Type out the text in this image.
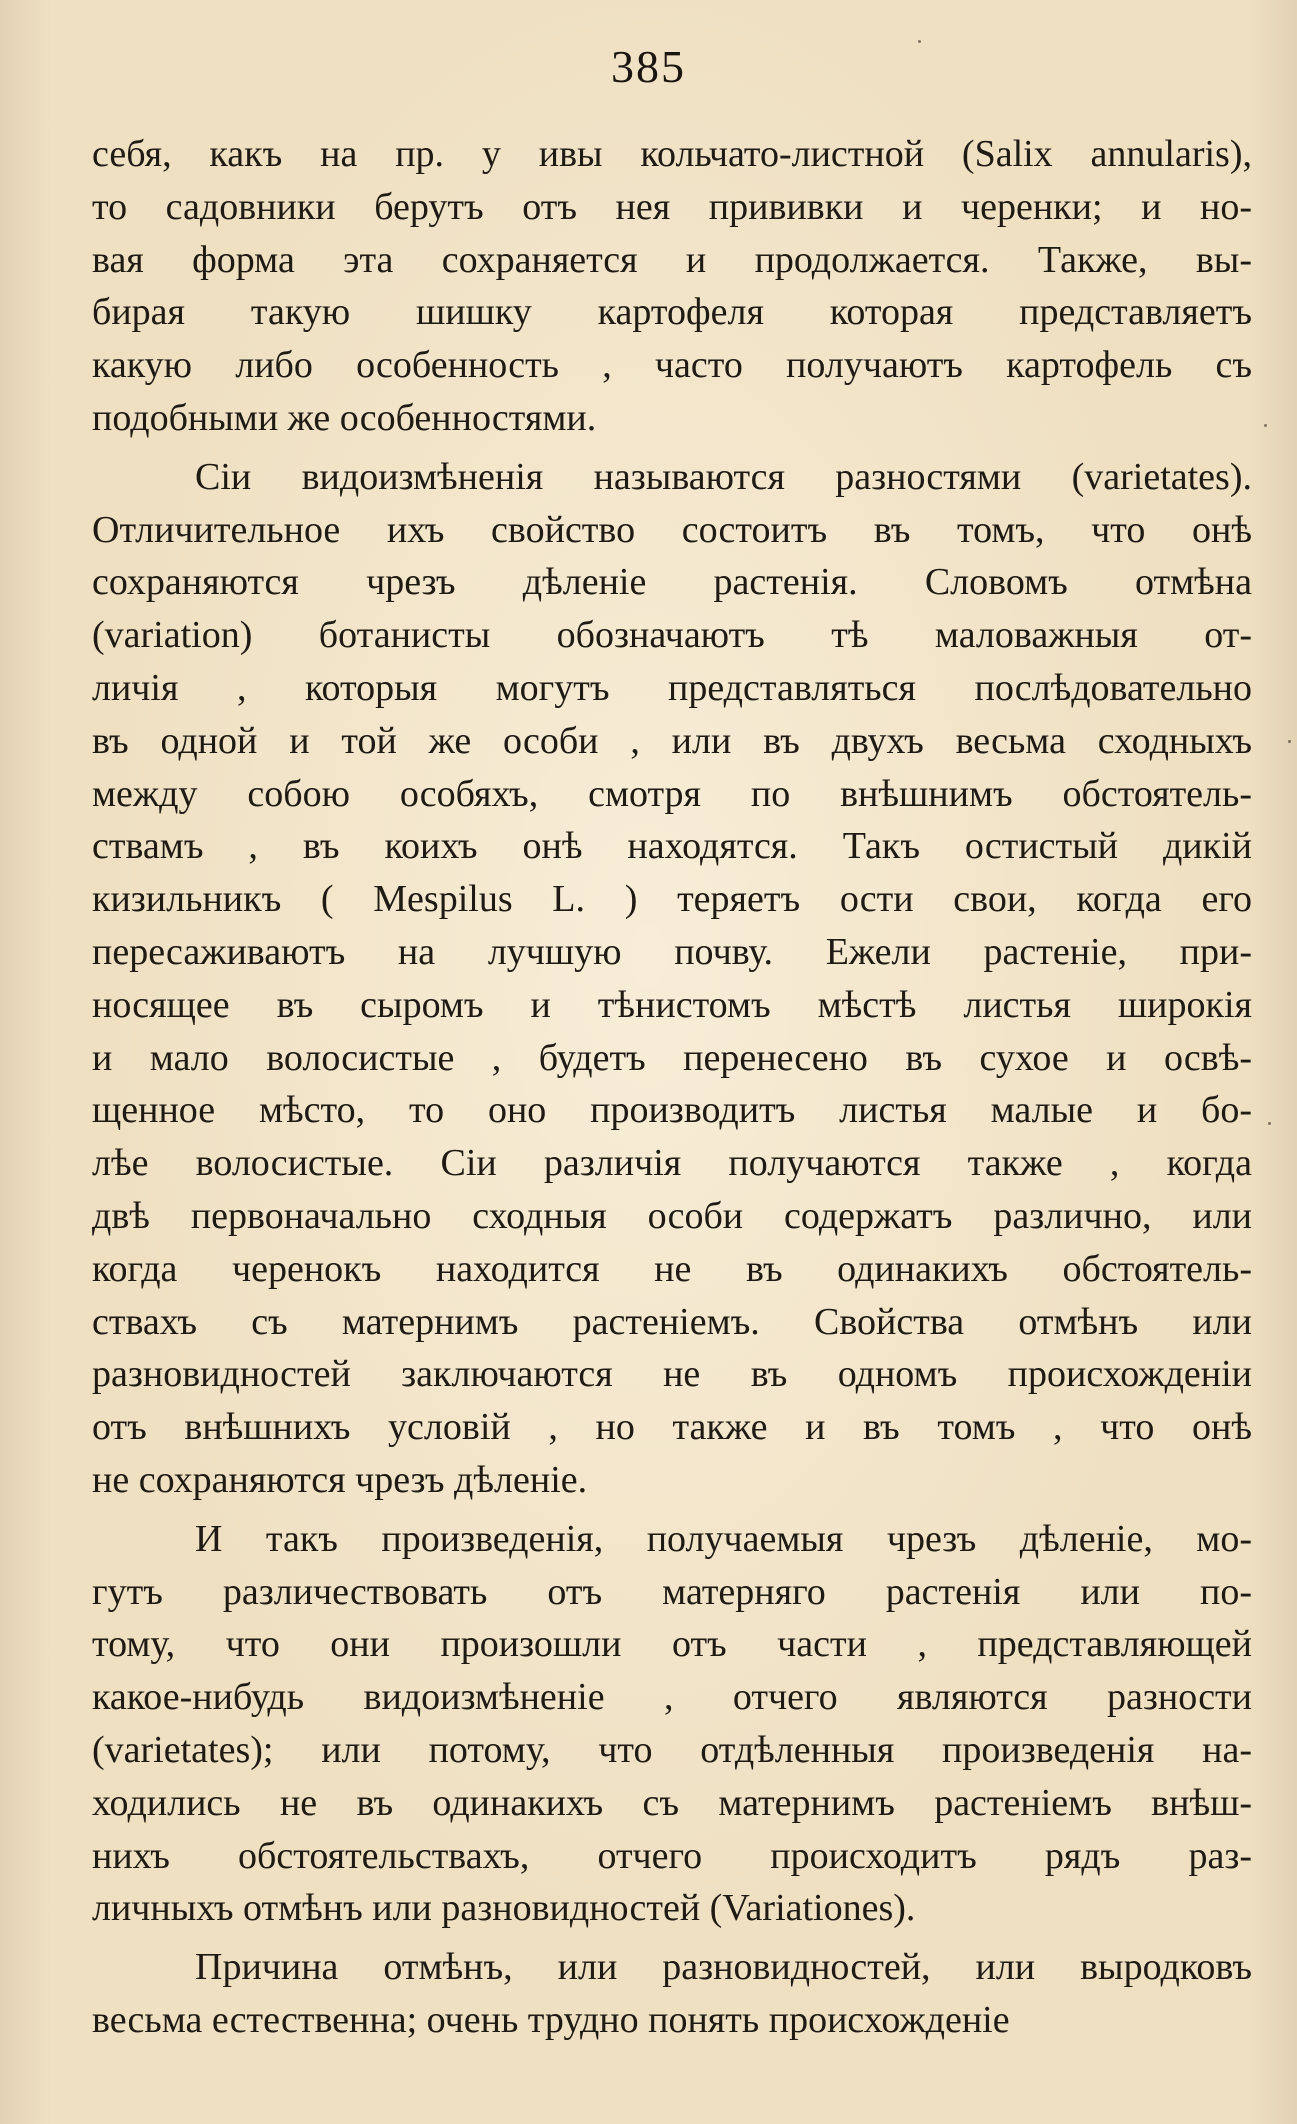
385
себя, какъ на пр. у ивы кольчато-листной (Salix annularis),
то садовники берутъ отъ нея прививки и черенки; и но-
вая форма эта сохраняется и продолжается. Также, вы-
бирая такую шишку картофеля которая представляетъ
какую либо особенность , часто получаютъ картофель съ
подобными же особенностями.
Сіи видоизмѣненія называются разностями (varietates).
Отличительное ихъ свойство состоитъ въ томъ, что онѣ
сохраняются чрезъ дѣленіе растенія. Словомъ отмѣна
(variation) ботанисты обозначаютъ тѣ маловажныя от-
личія , которыя могутъ представляться послѣдовательно
въ одной и той же особи , или въ двухъ весьма сходныхъ
между собою особяхъ, смотря по внѣшнимъ обстоятель-
ствамъ , въ коихъ онѣ находятся. Такъ остистый дикій
кизильникъ ( Mespilus L. ) теряетъ ости свои, когда его
пересаживаютъ на лучшую почву. Ежели растеніе, при-
носящее въ сыромъ и тѣнистомъ мѣстѣ листья широкія
и мало волосистые , будетъ перенесено въ сухое и освѣ-
щенное мѣсто, то оно производитъ листья малые и бо-
лѣе волосистые. Сіи различія получаются также , когда
двѣ первоначально сходныя особи содержатъ различно, или
когда черенокъ находится не въ одинакихъ обстоятель-
ствахъ съ матернимъ растеніемъ. Свойства отмѣнъ или
разновидностей заключаются не въ одномъ происхожденіи
отъ внѣшнихъ условій , но также и въ томъ , что онѣ
не сохраняются чрезъ дѣленіе.
И такъ произведенія, получаемыя чрезъ дѣленіе, мо-
гутъ различествовать отъ матерняго растенія или по-
тому, что они произошли отъ части , представляющей
какое-нибудь видоизмѣненіе , отчего являются разности
(varietates); или потому, что отдѣленныя произведенія на-
ходились не въ одинакихъ съ матернимъ растеніемъ внѣш-
нихъ обстоятельствахъ, отчего происходитъ рядъ раз-
личныхъ отмѣнъ или разновидностей (Variationes).
Причина отмѣнъ, или разновидностей, или выродковъ
весьма естественна; очень трудно понять происхожденіе
